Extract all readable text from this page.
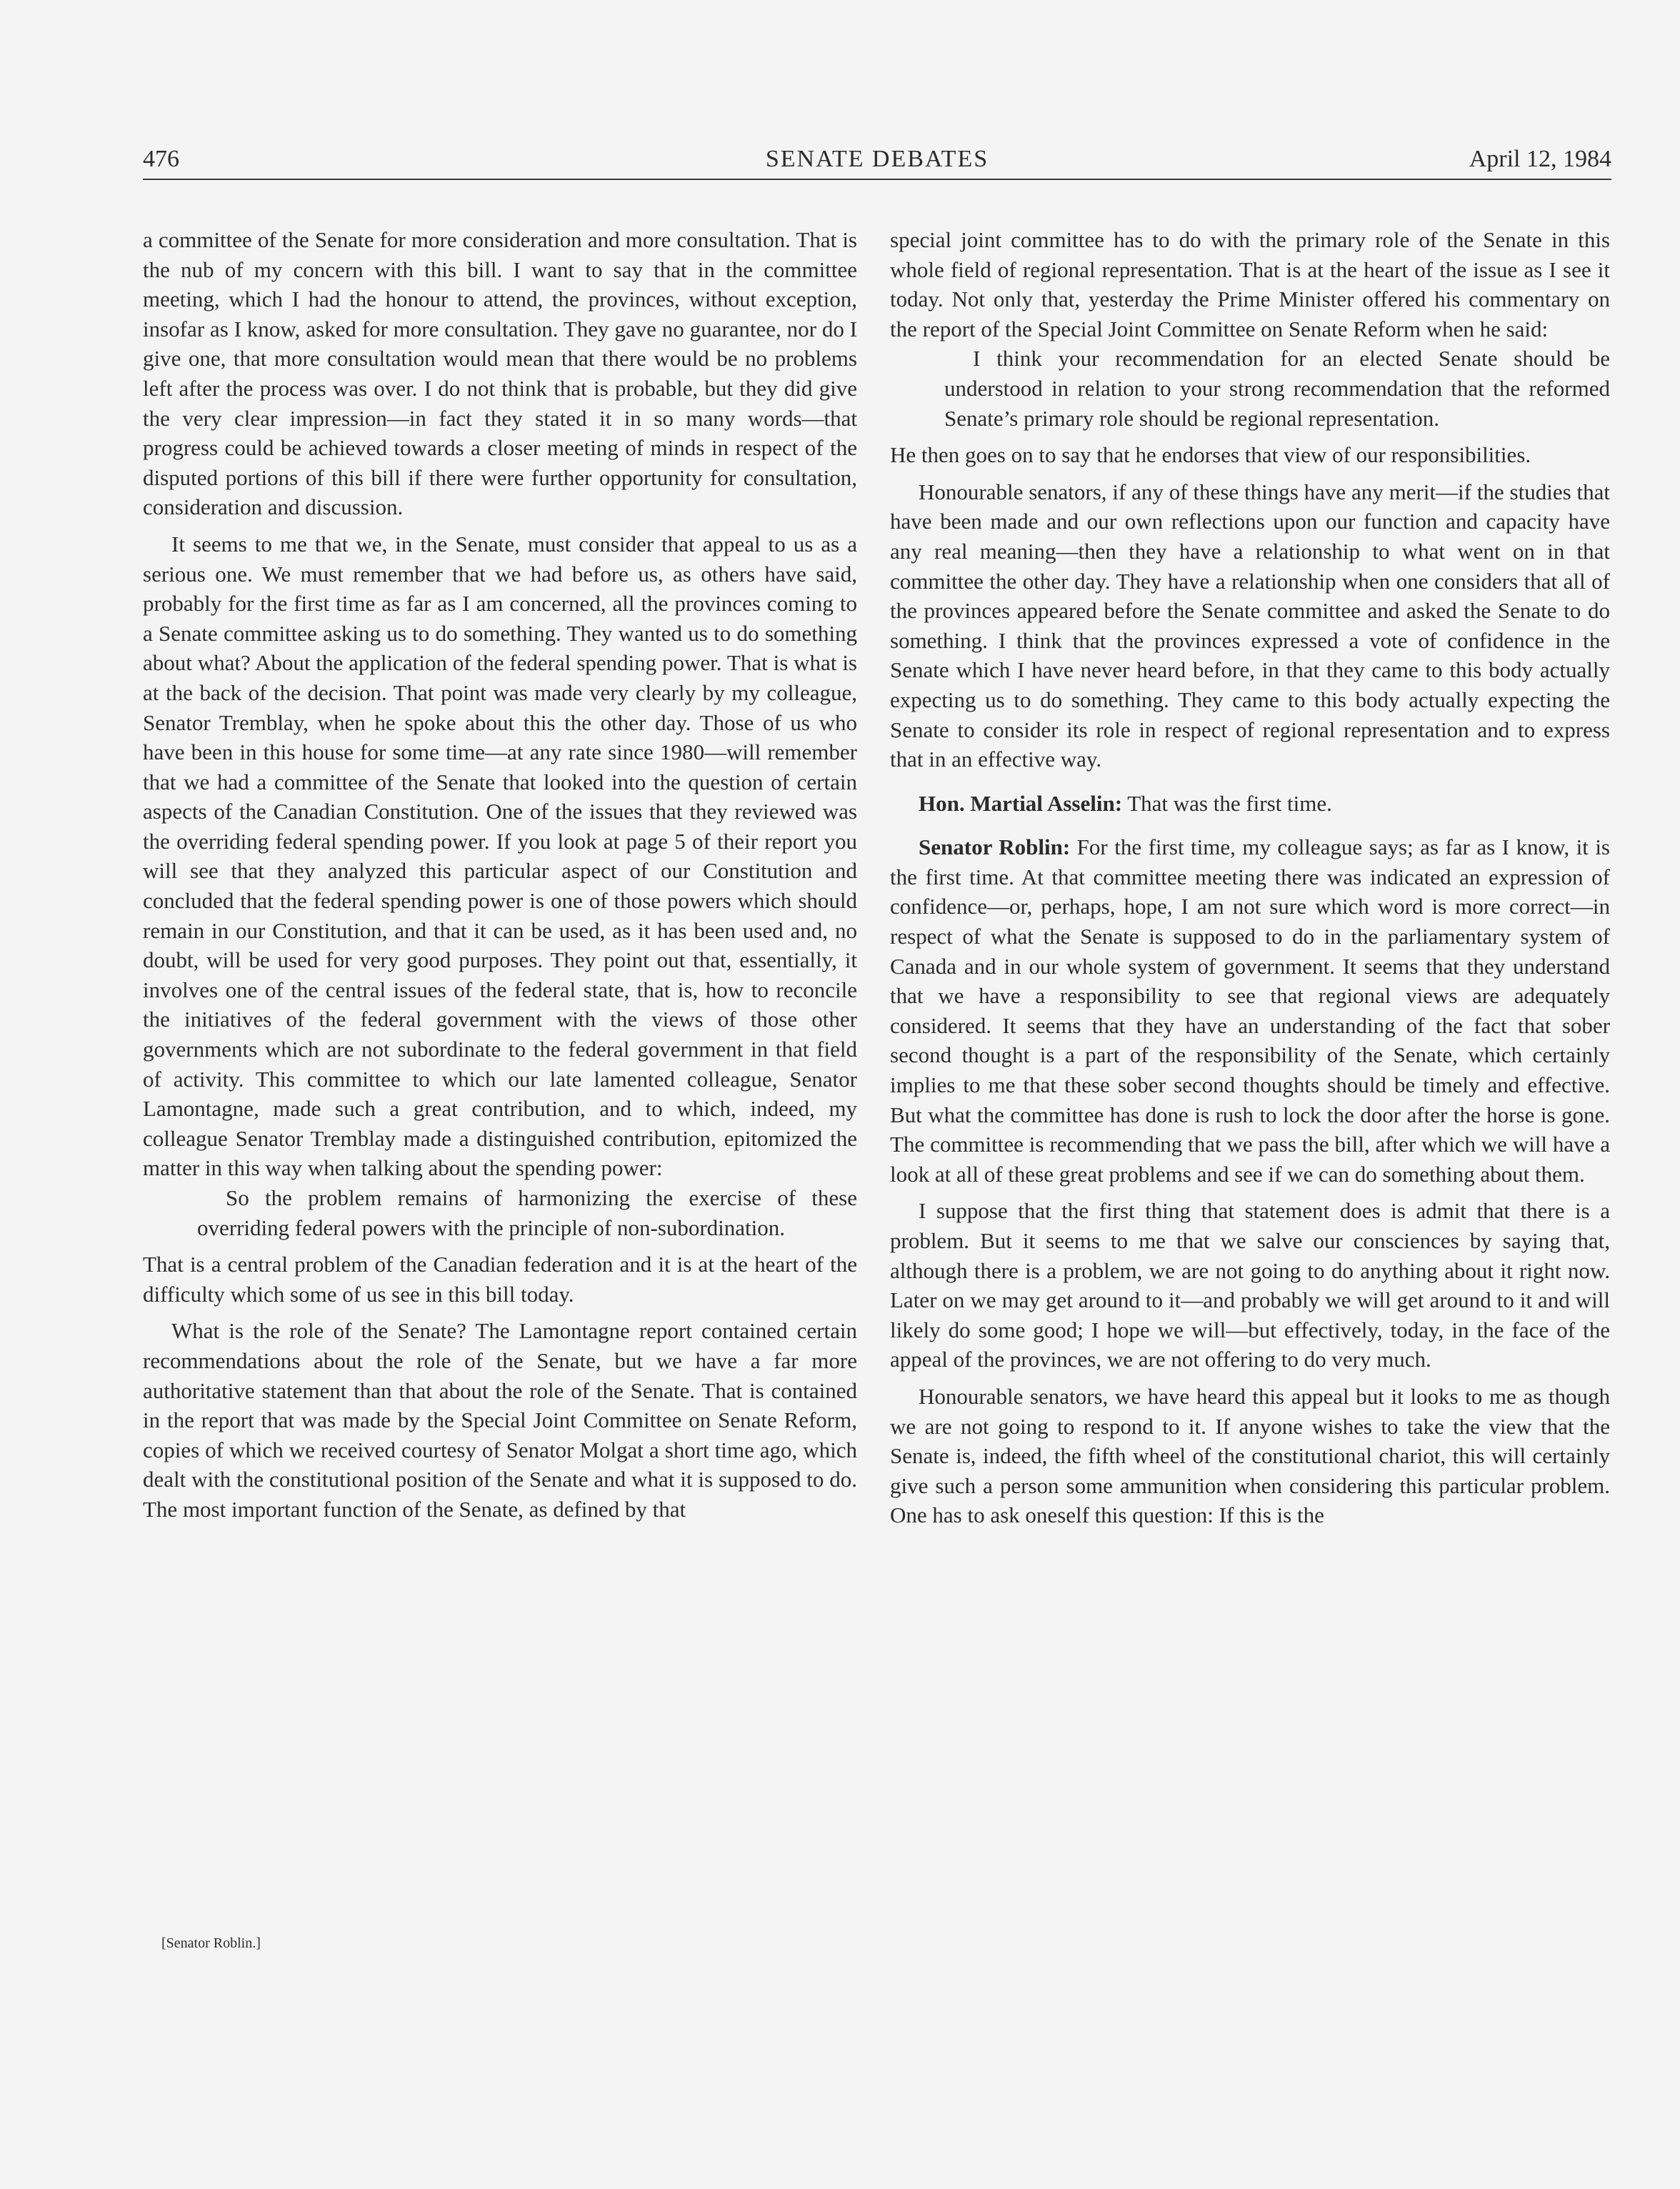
476	SENATE DEBATES	April 12, 1984

a committee of the Senate for more consideration and more consultation. That is the nub of my concern with this bill. I want to say that in the committee meeting, which I had the honour to attend, the provinces, without exception, insofar as I know, asked for more consultation. They gave no guarantee, nor do I give one, that more consultation would mean that there would be no problems left after the process was over. I do not think that is probable, but they did give the very clear impression—in fact they stated it in so many words—that progress could be achieved towards a closer meeting of minds in respect of the disputed portions of this bill if there were further opportunity for consultation, consideration and discussion.

It seems to me that we, in the Senate, must consider that appeal to us as a serious one. We must remember that we had before us, as others have said, probably for the first time as far as I am concerned, all the provinces coming to a Senate committee asking us to do something. They wanted us to do something about what? About the application of the federal spending power. That is what is at the back of the decision. That point was made very clearly by my colleague, Senator Tremblay, when he spoke about this the other day. Those of us who have been in this house for some time—at any rate since 1980—will remember that we had a committee of the Senate that looked into the question of certain aspects of the Canadian Constitution. One of the issues that they reviewed was the overriding federal spending power. If you look at page 5 of their report you will see that they analyzed this particular aspect of our Constitution and concluded that the federal spending power is one of those powers which should remain in our Constitution, and that it can be used, as it has been used and, no doubt, will be used for very good purposes. They point out that, essentially, it involves one of the central issues of the federal state, that is, how to reconcile the initiatives of the federal government with the views of those other governments which are not subordinate to the federal government in that field of activity. This committee to which our late lamented colleague, Senator Lamontagne, made such a great contribution, and to which, indeed, my colleague Senator Tremblay made a distinguished contribution, epitomized the matter in this way when talking about the spending power:

So the problem remains of harmonizing the exercise of these overriding federal powers with the principle of non-subordination.

That is a central problem of the Canadian federation and it is at the heart of the difficulty which some of us see in this bill today.

What is the role of the Senate? The Lamontagne report contained certain recommendations about the role of the Senate, but we have a far more authoritative statement than that about the role of the Senate. That is contained in the report that was made by the Special Joint Committee on Senate Reform, copies of which we received courtesy of Senator Molgat a short time ago, which dealt with the constitutional position of the Senate and what it is supposed to do. The most important function of the Senate, as defined by that

[Senator Roblin.]

special joint committee has to do with the primary role of the Senate in this whole field of regional representation. That is at the heart of the issue as I see it today. Not only that, yesterday the Prime Minister offered his commentary on the report of the Special Joint Committee on Senate Reform when he said:

I think your recommendation for an elected Senate should be understood in relation to your strong recommendation that the reformed Senate’s primary role should be regional representation.

He then goes on to say that he endorses that view of our responsibilities.

Honourable senators, if any of these things have any merit—if the studies that have been made and our own reflections upon our function and capacity have any real meaning—then they have a relationship to what went on in that committee the other day. They have a relationship when one considers that all of the provinces appeared before the Senate committee and asked the Senate to do something. I think that the provinces expressed a vote of confidence in the Senate which I have never heard before, in that they came to this body actually expecting us to do something. They came to this body actually expecting the Senate to consider its role in respect of regional representation and to express that in an effective way.

Hon. Martial Asselin: That was the first time.

Senator Roblin: For the first time, my colleague says; as far as I know, it is the first time. At that committee meeting there was indicated an expression of confidence—or, perhaps, hope, I am not sure which word is more correct—in respect of what the Senate is supposed to do in the parliamentary system of Canada and in our whole system of government. It seems that they understand that we have a responsibility to see that regional views are adequately considered. It seems that they have an understanding of the fact that sober second thought is a part of the responsibility of the Senate, which certainly implies to me that these sober second thoughts should be timely and effective. But what the committee has done is rush to lock the door after the horse is gone. The committee is recommending that we pass the bill, after which we will have a look at all of these great problems and see if we can do something about them.

I suppose that the first thing that statement does is admit that there is a problem. But it seems to me that we salve our consciences by saying that, although there is a problem, we are not going to do anything about it right now. Later on we may get around to it—and probably we will get around to it and will likely do some good; I hope we will—but effectively, today, in the face of the appeal of the provinces, we are not offering to do very much.

Honourable senators, we have heard this appeal but it looks to me as though we are not going to respond to it. If anyone wishes to take the view that the Senate is, indeed, the fifth wheel of the constitutional chariot, this will certainly give such a person some ammunition when considering this particular problem. One has to ask oneself this question: If this is the
